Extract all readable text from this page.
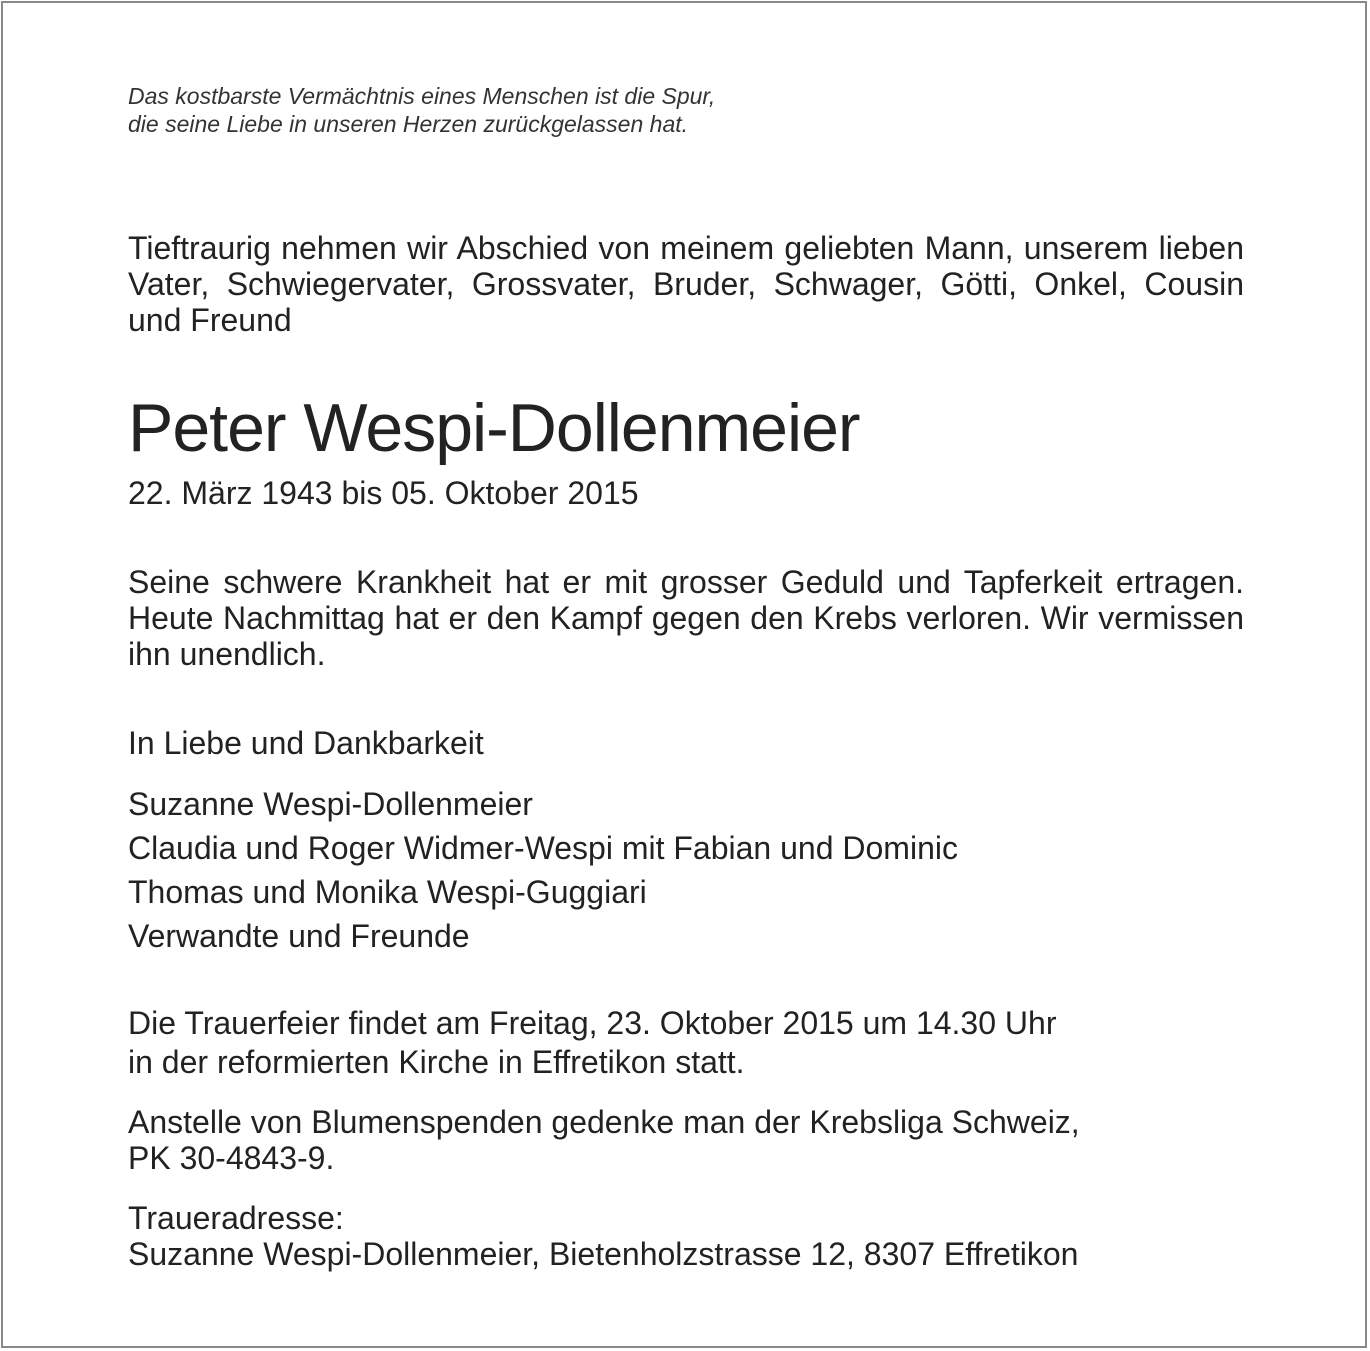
Das kostbarste Vermächtnis eines Menschen ist die Spur,
die seine Liebe in unseren Herzen zurückgelassen hat.
Tieftraurig nehmen wir Abschied von meinem geliebten Mann, unserem lieben Vater, Schwiegervater, Grossvater, Bruder, Schwager, Götti, Onkel, Cousin und Freund
Peter Wespi-Dollenmeier
22. März 1943 bis 05. Oktober 2015
Seine schwere Krankheit hat er mit grosser Geduld und Tapferkeit ertragen. Heute Nachmittag hat er den Kampf gegen den Krebs verloren. Wir vermissen ihn unendlich.
In Liebe und Dankbarkeit
Suzanne Wespi-Dollenmeier
Claudia und Roger Widmer-Wespi mit Fabian und Dominic
Thomas und Monika Wespi-Guggiari
Verwandte und Freunde
Die Trauerfeier findet am Freitag, 23. Oktober 2015 um 14.30 Uhr
in der reformierten Kirche in Effretikon statt.
Anstelle von Blumenspenden gedenke man der Krebsliga Schweiz,
PK 30-4843-9.
Traueradresse:
Suzanne Wespi-Dollenmeier, Bietenholzstrasse 12, 8307 Effretikon
